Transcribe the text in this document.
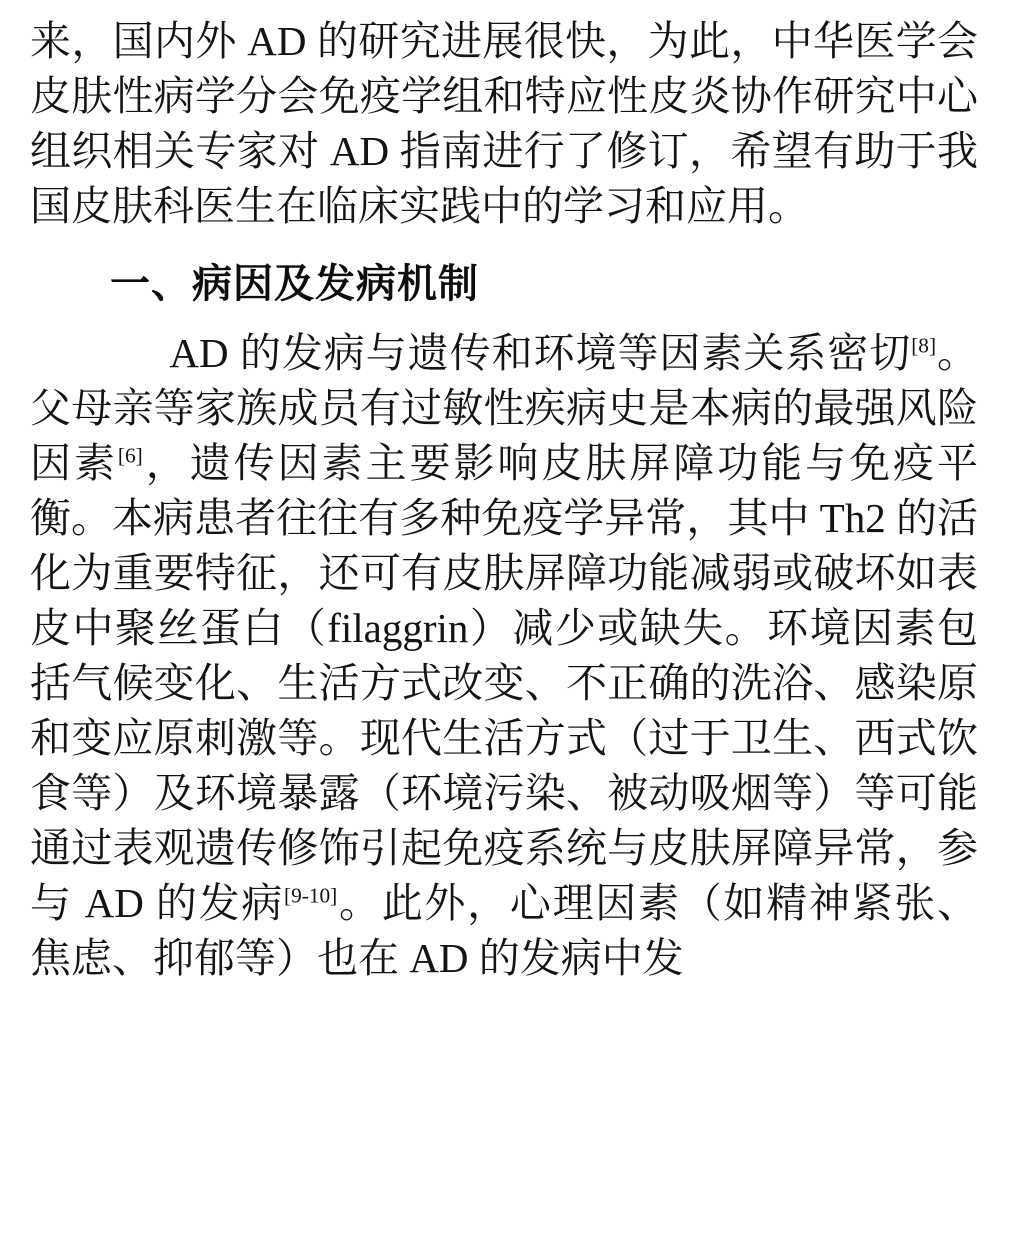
来，国内外 AD 的研究进展很快，为此，中华医学会皮肤性病学分会免疫学组和特应性皮炎协作研究中心组织相关专家对 AD 指南进行了修订，希望有助于我国皮肤科医生在临床实践中的学习和应用。

一、病因及发病机制

AD 的发病与遗传和环境等因素关系密切[8]。父母亲等家族成员有过敏性疾病史是本病的最强风险因素[6]，遗传因素主要影响皮肤屏障功能与免疫平衡。本病患者往往有多种免疫学异常，其中 Th2 的活化为重要特征，还可有皮肤屏障功能减弱或破坏如表皮中聚丝蛋白（filaggrin）减少或缺失。环境因素包括气候变化、生活方式改变、不正确的洗浴、感染原和变应原刺激等。现代生活方式（过于卫生、西式饮食等）及环境暴露（环境污染、被动吸烟等）等可能通过表观遗传修饰引起免疫系统与皮肤屏障异常，参与 AD 的发病[9-10]。此外，心理因素（如精神紧张、焦虑、抑郁等）也在 AD 的发病中发
